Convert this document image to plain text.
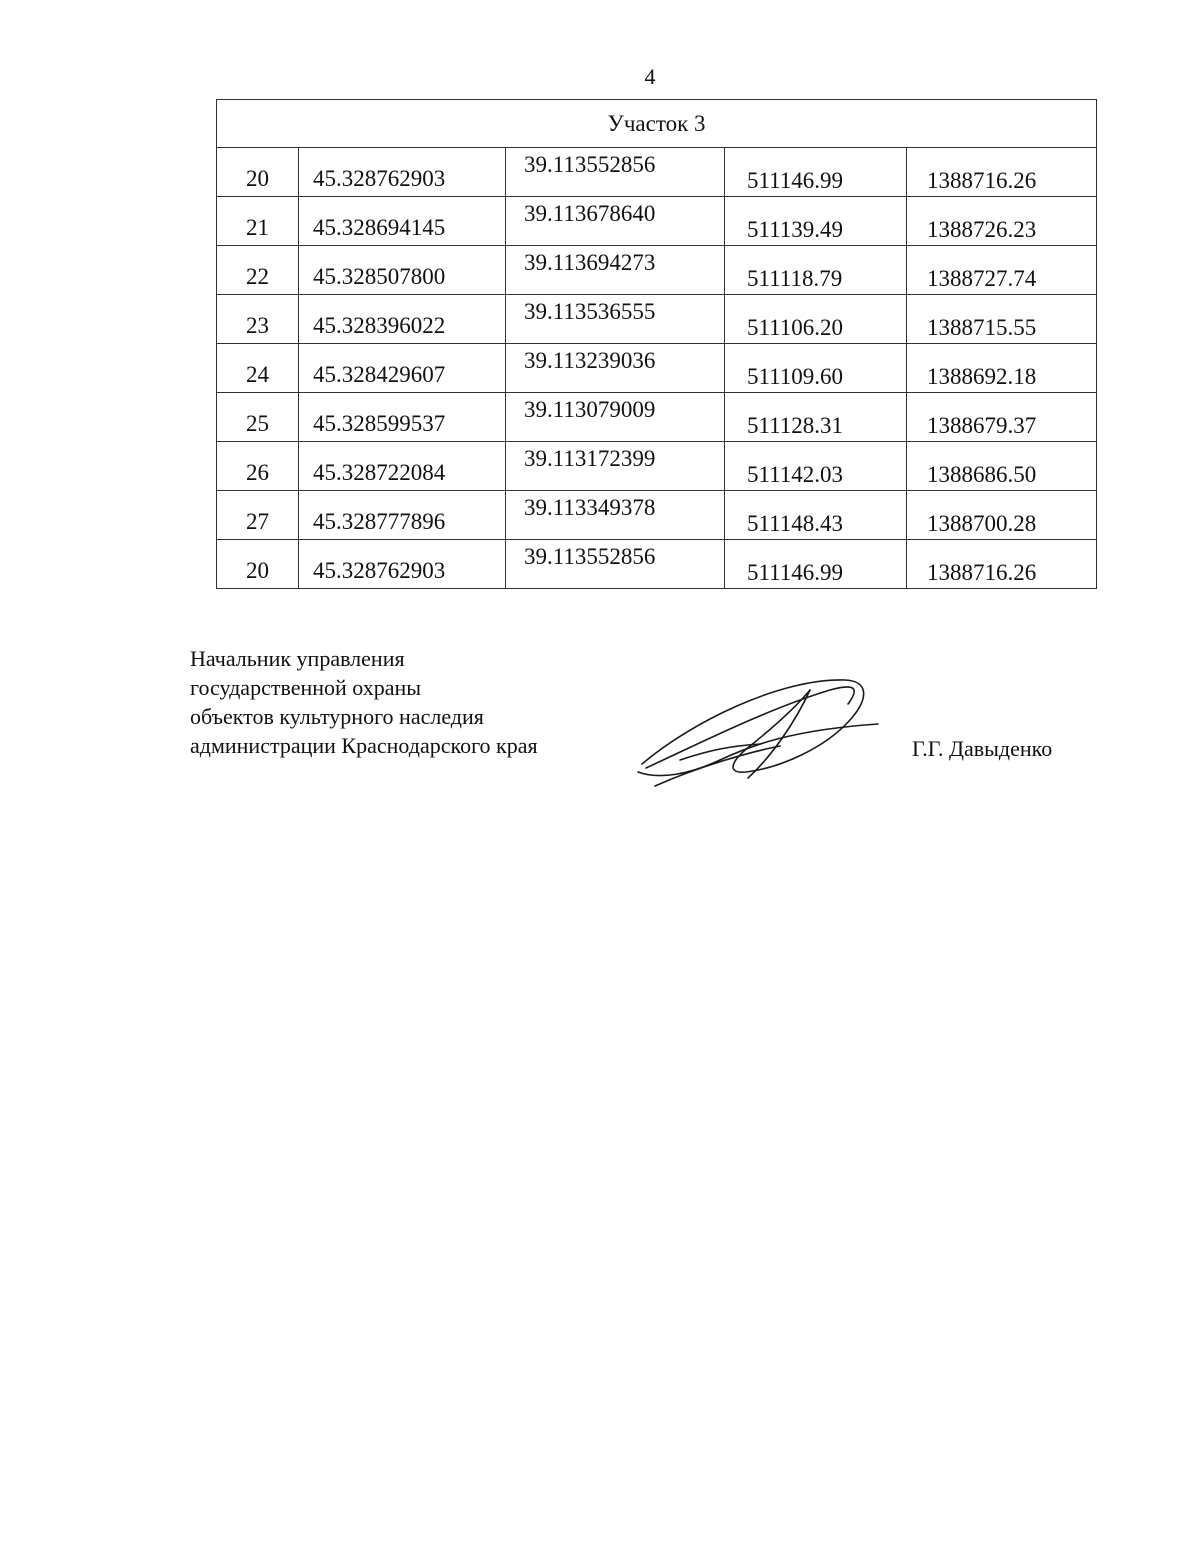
4
Участок 3				
20	45.328762903	39.113552856	511146.99	1388716.26
21	45.328694145	39.113678640	511139.49	1388726.23
22	45.328507800	39.113694273	511118.79	1388727.74
23	45.328396022	39.113536555	511106.20	1388715.55
24	45.328429607	39.113239036	511109.60	1388692.18
25	45.328599537	39.113079009	511128.31	1388679.37
26	45.328722084	39.113172399	511142.03	1388686.50
27	45.328777896	39.113349378	511148.43	1388700.28
20	45.328762903	39.113552856	511146.99	1388716.26
Начальник управления
государственной охраны
объектов культурного наследия
администрации Краснодарского края	Г.Г. Давыденко
